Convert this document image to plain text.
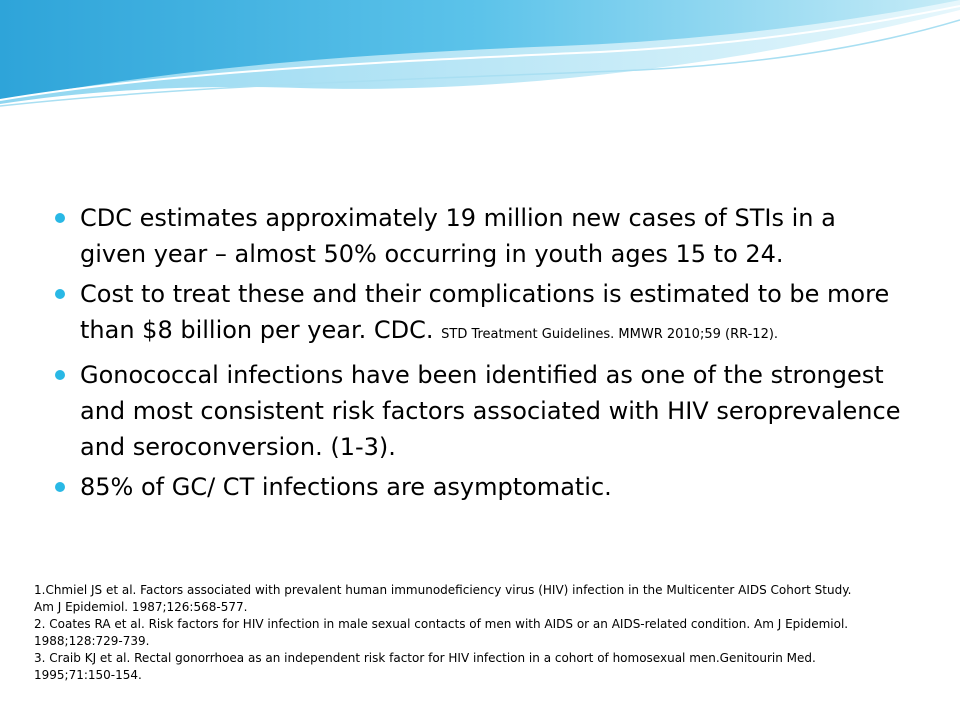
CDC estimates approximately 19 million new cases of STIs in a given year – almost 50% occurring in youth ages 15 to 24.
Cost to treat these and their complications is estimated to be more than $8 billion per year. CDC. STD Treatment Guidelines. MMWR 2010;59 (RR-12).
Gonococcal infections have been identified as one of the strongest and most consistent risk factors associated with HIV seroprevalence and seroconversion. (1-3).
85% of GC/ CT infections are asymptomatic.

1.Chmiel JS et al. Factors associated with prevalent human immunodeficiency virus (HIV) infection in the Multicenter AIDS Cohort Study.

Am J Epidemiol. 1987;126:568-577.

2. Coates RA et al. Risk factors for HIV infection in male sexual contacts of men with AIDS or an AIDS-related condition. Am J Epidemiol.

1988;128:729-739.

3. Craib KJ et al. Rectal gonorrhoea as an independent risk factor for HIV infection in a cohort of homosexual men.Genitourin Med.

1995;71:150-154.
